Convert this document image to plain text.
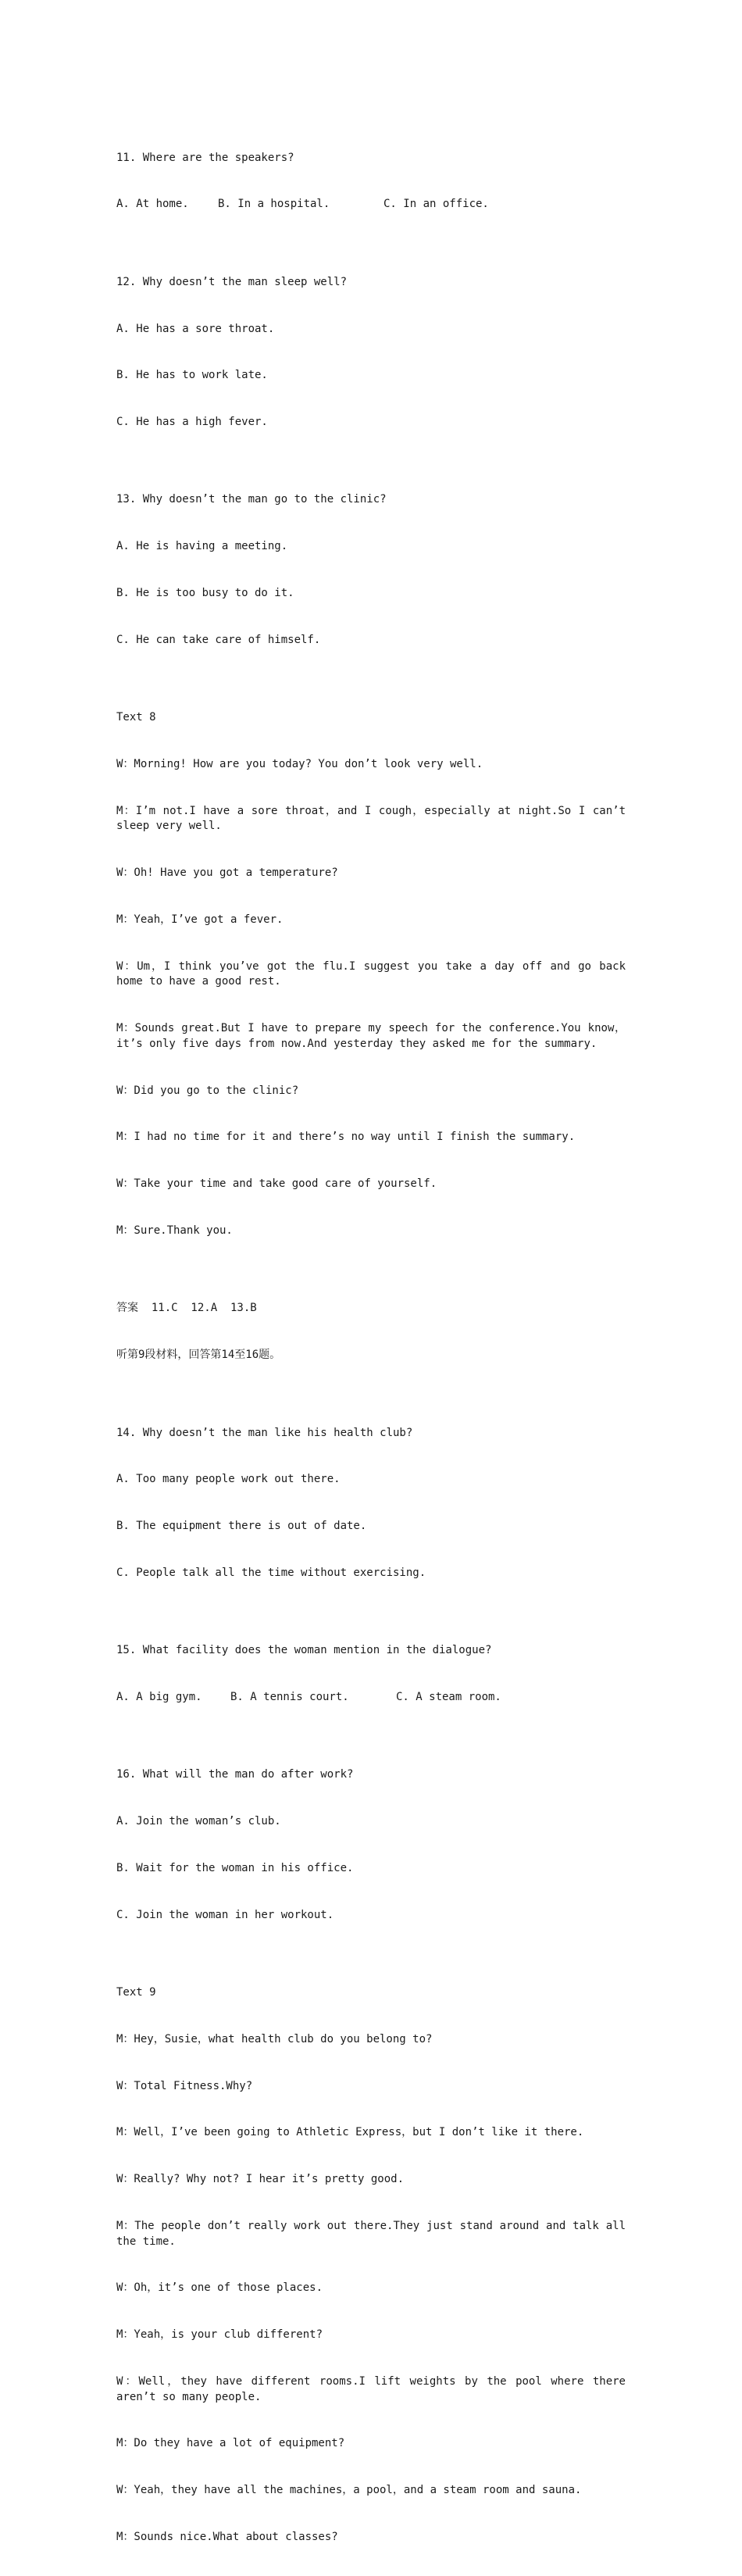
11. Where are the speakers?

A. At home.	B. In a hospital.	C. In an office.

12. Why doesn’t the man sleep well?

A. He has a sore throat.

B. He has to work late.

C. He has a high fever.

13. Why doesn’t the man go to the clinic?

A. He is having a meeting.

B. He is too busy to do it.

C. He can take care of himself.

Text 8

W：Morning! How are you today? You don’t look very well.

M：I’m not.I have a sore throat，and I cough，especially at night.So I can’t sleep very well.

W：Oh! Have you got a temperature?

M：Yeah，I’ve got a fever.

W：Um，I think you’ve got the flu.I suggest you take a day off and go back home to have a good rest.

M：Sounds great.But I have to prepare my speech for the conference.You know，it’s only five days from now.And yesterday they asked me for the summary.

W：Did you go to the clinic?

M：I had no time for it and there’s no way until I finish the summary.

W：Take your time and take good care of yourself.

M：Sure.Thank you.

答案  11.C  12.A  13.B

听第9段材料，回答第14至16题。

14. Why doesn’t the man like his health club?

A. Too many people work out there.

B. The equipment there is out of date.

C. People talk all the time without exercising.

15. What facility does the woman mention in the dialogue?

A. A big gym.	B. A tennis court.	C. A steam room.

16. What will the man do after work?

A. Join the woman’s club.

B. Wait for the woman in his office.

C. Join the woman in her workout.

Text 9

M：Hey，Susie，what health club do you belong to?

W：Total Fitness.Why?

M：Well，I’ve been going to Athletic Express，but I don’t like it there.

W：Really? Why not? I hear it’s pretty good.

M：The people don’t really work out there.They just stand around and talk all the time.

W：Oh，it’s one of those places.

M：Yeah，is your club different?

W：Well，they have different rooms.I lift weights by the pool where there aren’t so many people.

M：Do they have a lot of equipment?

W：Yeah，they have all the machines，a pool，and a steam room and sauna.

M：Sounds nice.What about classes?
